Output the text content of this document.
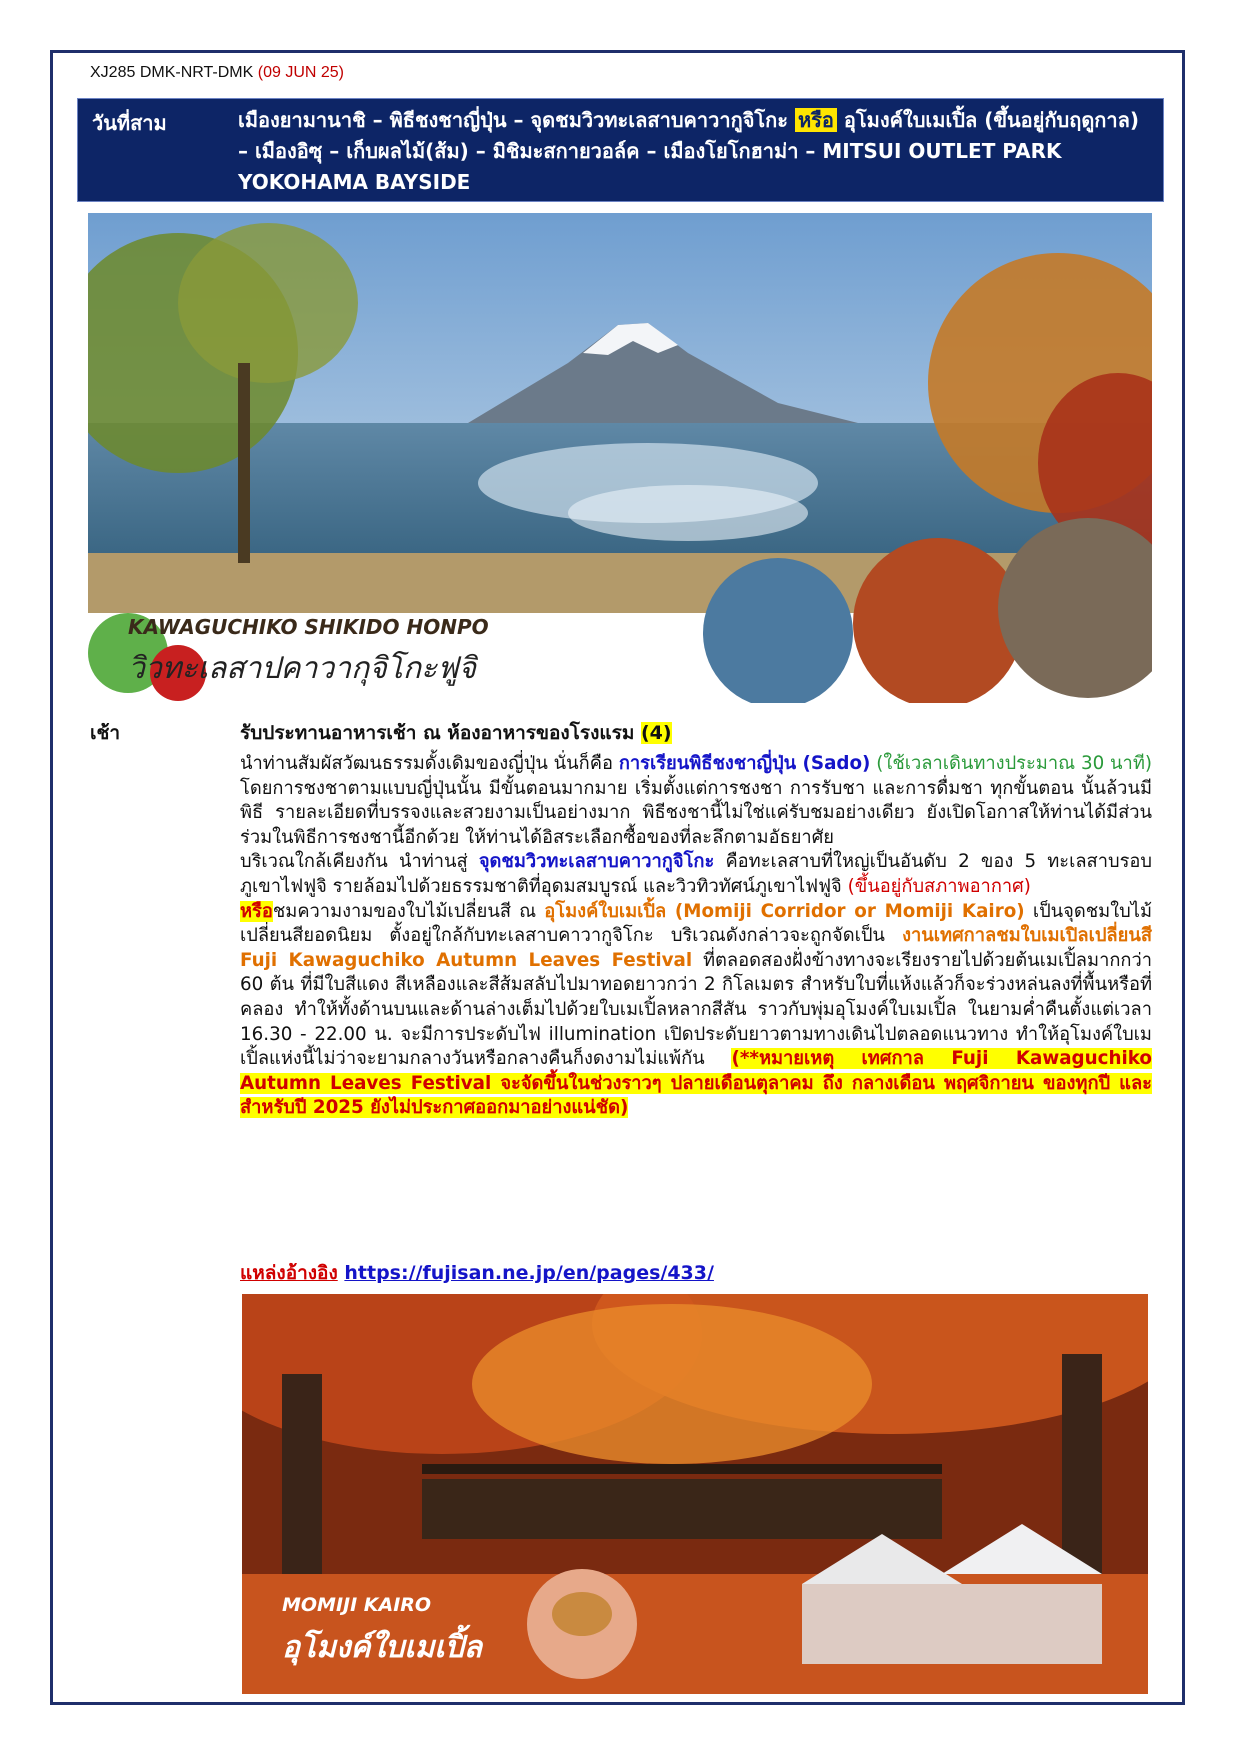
XJ285 DMK-NRT-DMK (09 JUN 25)
วันที่สาม	เมืองยามานาชิ – พิธีชงชาญี่ปุ่น – จุดชมวิวทะเลสาบคาวากูจิโกะ หรือ อุโมงค์ใบเมเปิ้ล (ขึ้นอยู่กับฤดูกาล) – เมืองอิซุ – เก็บผลไม้(ส้ม) – มิชิมะสกายวอล์ค – เมืองโยโกฮาม่า – MITSUI OUTLET PARK YOKOHAMA BAYSIDE
KAWAGUCHIKO SHIKIDO HONPO
วิวทะเลสาปคาวากุจิโกะฟูจิ
เช้า	รับประทานอาหารเช้า ณ ห้องอาหารของโรงแรม (4)

นำท่านสัมผัสวัฒนธรรมดั้งเดิมของญี่ปุ่น นั่นก็คือ การเรียนพิธีชงชาญี่ปุ่น (Sado) (ใช้เวลาเดินทางประมาณ 30 นาที) โดยการชงชาตามแบบญี่ปุ่นนั้น มีขั้นตอนมากมาย เริ่มตั้งแต่การชงชา การรับชา และการดื่มชา ทุกขั้นตอน นั้นล้วนมีพิธี รายละเอียดที่บรรจงและสวยงามเป็นอย่างมาก พิธีชงชานี้ไม่ใช่แค่รับชมอย่างเดียว ยังเปิดโอกาสให้ท่านได้มีส่วนร่วมในพิธีการชงชานี้อีกด้วย ให้ท่านได้อิสระเลือกซื้อของที่ละลึกตามอัธยาศัย

บริเวณใกล้เคียงกัน นำท่านสู่ จุดชมวิวทะเลสาบคาวากูจิโกะ คือทะเลสาบที่ใหญ่เป็นอันดับ 2 ของ 5 ทะเลสาบรอบภูเขาไฟฟูจิ รายล้อมไปด้วยธรรมชาติที่อุดมสมบูรณ์ และวิวทิวทัศน์ภูเขาไฟฟูจิ (ขึ้นอยู่กับสภาพอากาศ)

หรือชมความงามของใบไม้เปลี่ยนสี ณ อุโมงค์ใบเมเปิ้ล (Momiji Corridor or Momiji Kairo) เป็นจุดชมใบไม้เปลี่ยนสียอดนิยม ตั้งอยู่ใกล้กับทะเลสาบคาวากูจิโกะ บริเวณดังกล่าวจะถูกจัดเป็น งานเทศกาลชมใบเมเปิลเปลี่ยนสี Fuji Kawaguchiko Autumn Leaves Festival ที่ตลอดสองฝั่งข้างทางจะเรียงรายไปด้วยต้นเมเปิ้ลมากกว่า 60 ต้น ที่มีใบสีแดง สีเหลืองและสีส้มสลับไปมาทอดยาวกว่า 2 กิโลเมตร สำหรับใบที่แห้งแล้วก็จะร่วงหล่นลงที่พื้นหรือที่คลอง ทำให้ทั้งด้านบนและด้านล่างเต็มไปด้วยใบเมเปิ้ลหลากสีสัน ราวกับพุ่มอุโมงค์ใบเมเปิ้ล ในยามค่ำคืนตั้งแต่เวลา 16.30 - 22.00 น. จะมีการประดับไฟ illumination เปิดประดับยาวตามทางเดินไปตลอดแนวทาง ทำให้อุโมงค์ใบเมเปิ้ลแห่งนี้ไม่ว่าจะยามกลางวันหรือกลางคืนก็งดงามไม่แพ้กัน (**หมายเหตุ เทศกาล Fuji Kawaguchiko Autumn Leaves Festival จะจัดขึ้นในช่วงราวๆ ปลายเดือนตุลาคม ถึง กลางเดือน พฤศจิกายน ของทุกปี และสำหรับปี 2025 ยังไม่ประกาศออกมาอย่างแน่ชัด)

แหล่งอ้างอิง https://fujisan.ne.jp/en/pages/433/
MOMIJI KAIRO
อุโมงค์ใบเมเปิ้ล
